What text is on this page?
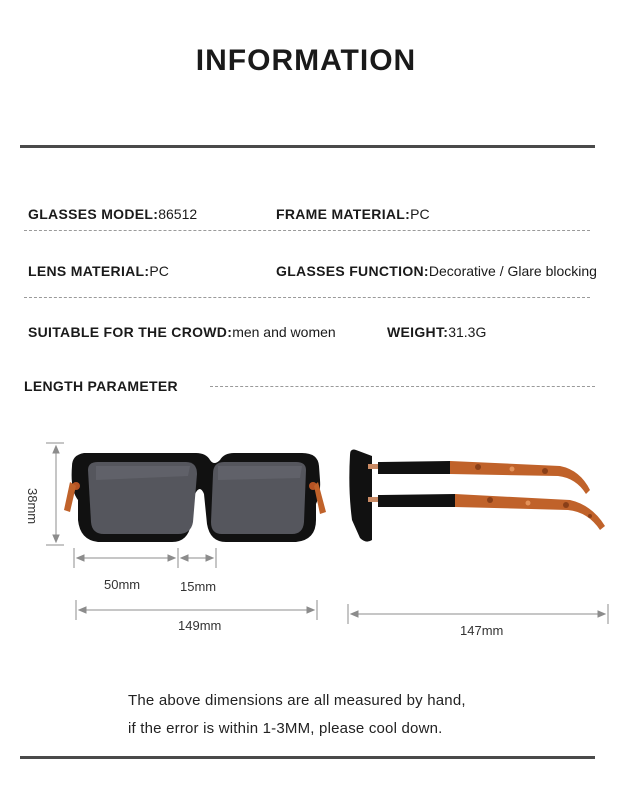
INFORMATION
GLASSES MODEL:86512	FRAME MATERIAL:PC
LENS MATERIAL:PC	GLASSES FUNCTION:Decorative / Glare blocking
SUITABLE FOR THE CROWD:men and women	WEIGHT:31.3G
LENGTH PARAMETER
38mm
50mm	15mm
149mm	147mm
The above dimensions are all measured by hand,
if the error is within 1-3MM, please cool down.
